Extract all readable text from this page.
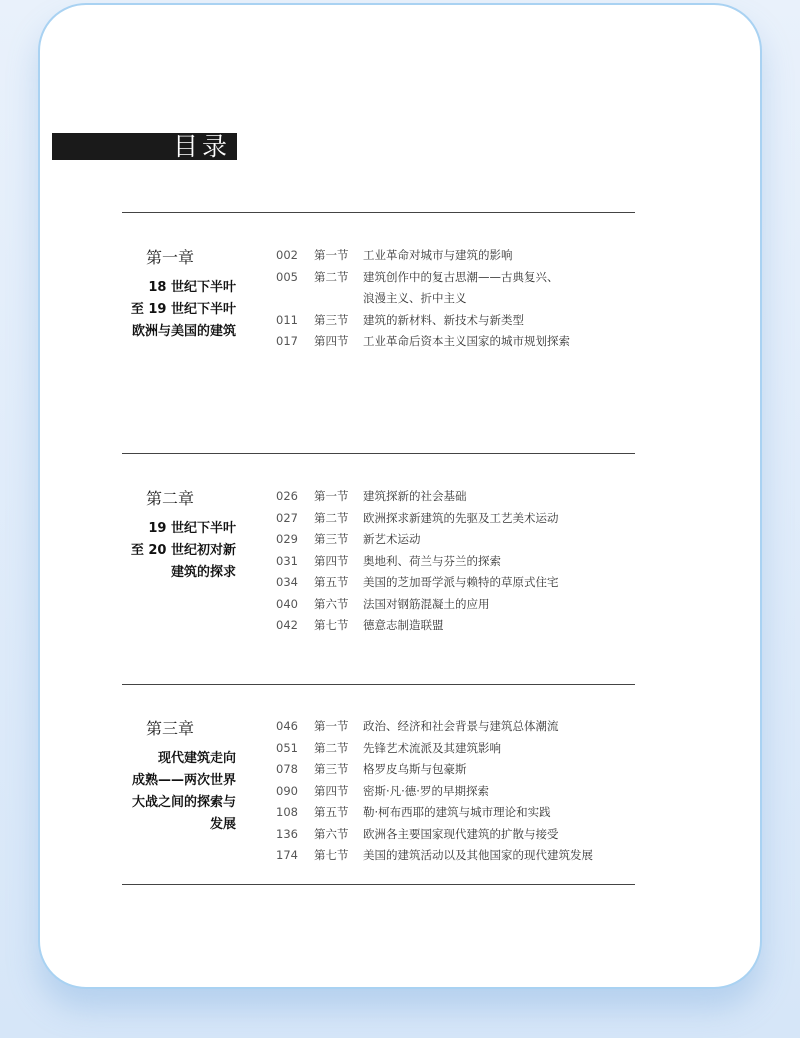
目录
第一章
18 世纪下半叶
至 19 世纪下半叶
欧洲与美国的建筑
002	第一节 工业革命对城市与建筑的影响
005	第二节 建筑创作中的复古思潮——古典复兴、
浪漫主义、折中主义
011	第三节 建筑的新材料、新技术与新类型
017	第四节 工业革命后资本主义国家的城市规划探索
第二章
19 世纪下半叶
至 20 世纪初对新
建筑的探求
026	第一节 建筑探新的社会基础
027	第二节 欧洲探求新建筑的先驱及工艺美术运动
029	第三节 新艺术运动
031	第四节 奥地利、荷兰与芬兰的探索
034	第五节 美国的芝加哥学派与赖特的草原式住宅
040	第六节 法国对钢筋混凝土的应用
042	第七节 德意志制造联盟
第三章
现代建筑走向
成熟——两次世界
大战之间的探索与
发展
046	第一节 政治、经济和社会背景与建筑总体潮流
051	第二节 先锋艺术流派及其建筑影响
078	第三节 格罗皮乌斯与包豪斯
090	第四节 密斯·凡·德·罗的早期探索
108	第五节 勒·柯布西耶的建筑与城市理论和实践
136	第六节 欧洲各主要国家现代建筑的扩散与接受
174	第七节 美国的建筑活动以及其他国家的现代建筑发展
